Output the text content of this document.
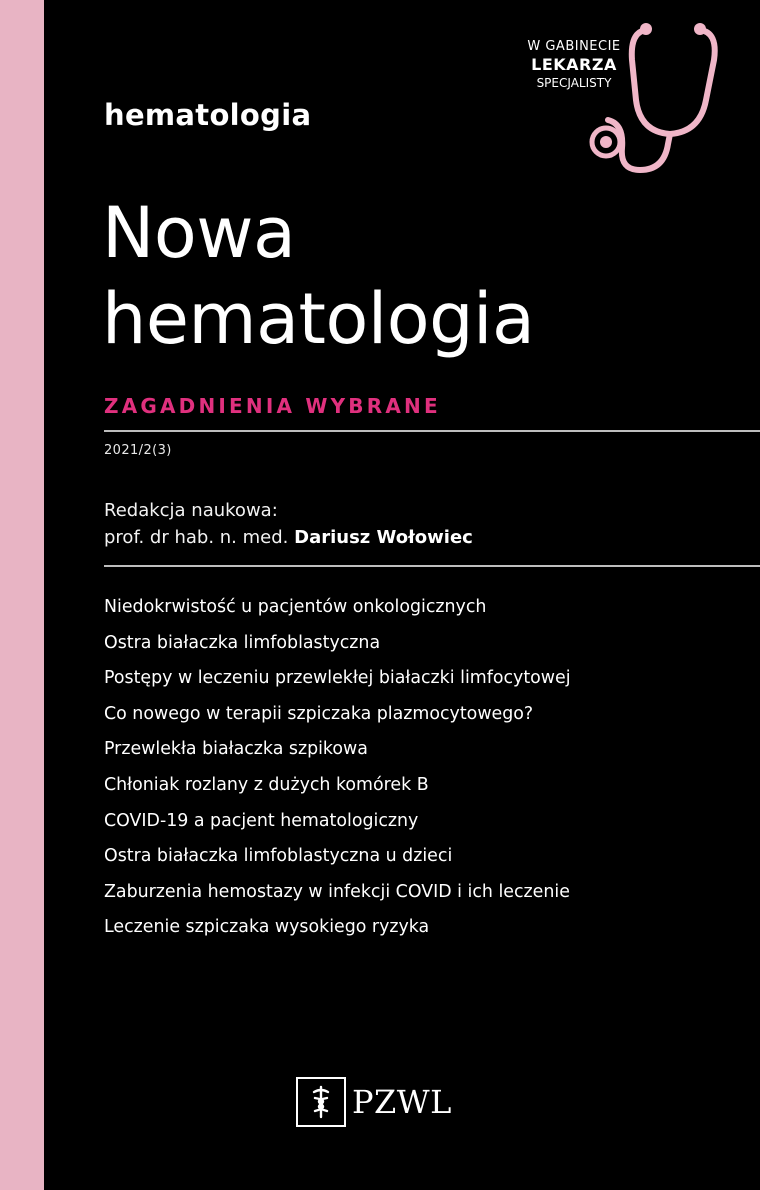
W GABINECIE
LEKARZA
SPECJALISTY
hematologia
Nowa
hematologia
ZAGADNIENIA WYBRANE
2021/2(3)
Redakcja naukowa:
prof. dr hab. n. med. Dariusz Wołowiec
Niedokrwistość u pacjentów onkologicznych
Ostra białaczka limfoblastyczna
Postępy w leczeniu przewlekłej białaczki limfocytowej
Co nowego w terapii szpiczaka plazmocytowego?
Przewlekła białaczka szpikowa
Chłoniak rozlany z dużych komórek B
COVID-19 a pacjent hematologiczny
Ostra białaczka limfoblastyczna u dzieci
Zaburzenia hemostazy w infekcji COVID i ich leczenie
Leczenie szpiczaka wysokiego ryzyka
PZWL
